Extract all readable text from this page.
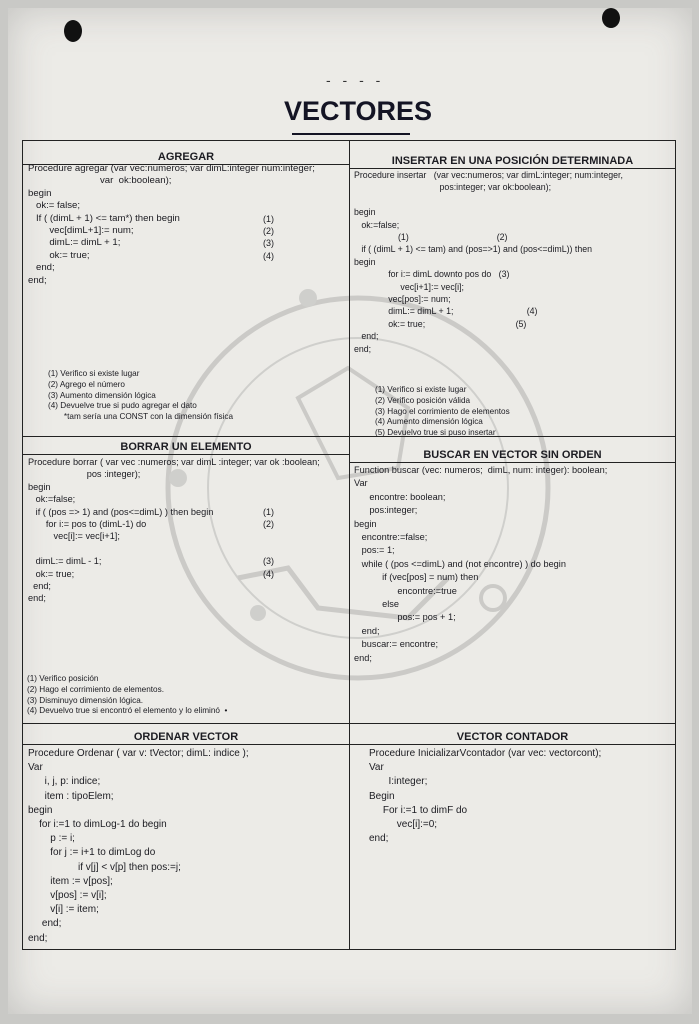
- - - -
VECTORES
AGREGAR
Procedure agregar (var vec:numeros; var dimL:integer num:integer;
var  ok:boolean);
begin
ok:= false;
If ( (dimL + 1) <= tam*) then begin
vec[dimL+1]:= num;
dimL:= dimL + 1;
ok:= true;
end;
end;

(1)
(2)
(3)
(4)
(1) Verifico si existe lugar
(2) Agrego el número
(3) Aumento dimensión lógica
(4) Devuelve true si pudo agregar el dato
*tam sería una CONST con la dimensión física
INSERTAR EN UNA POSICIÓN DETERMINADA
Procedure insertar   (var vec:numeros; var dimL:integer; num:integer,
pos:integer; var ok:boolean);

begin
ok:=false;
(1)                                    (2)
if ( (dimL + 1) <= tam) and (pos=>1) and (pos<=dimL)) then
begin
for i:= dimL downto pos do   (3)
vec[i+1]:= vec[i];
vec[pos]:= num;
dimL:= dimL + 1;                              (4)
ok:= true;                                     (5)
end;
end;
(1) Verifico si existe lugar
(2) Verifico posición válida
(3) Hago el corrimiento de elementos
(4) Aumento dimensión lógica
(5) Devuelvo true si puso insertar
BORRAR UN ELEMENTO
Procedure borrar ( var vec :numeros; var dimL :integer; var ok :boolean;
pos :integer);
begin
ok:=false;
if ( (pos => 1) and (pos<=dimL) ) then begin
for i:= pos to (dimL-1) do
vec[i]:= vec[i+1];

dimL:= dimL - 1;
ok:= true;
end;
end;

(1)
(2)

(3)
(4)
(1) Verifico posición
(2) Hago el corrimiento de elementos.
(3) Disminuyo dimensión lógica.
(4) Devuelvo true si encontró el elemento y lo eliminó  •
BUSCAR EN VECTOR SIN ORDEN
Function buscar (vec: numeros;  dimL, num: integer): boolean;
Var
encontre: boolean;
pos:integer;
begin
encontre:=false;
pos:= 1;
while ( (pos <=dimL) and (not encontre) ) do begin
if (vec[pos] = num) then
encontre:=true
else
pos:= pos + 1;
end;
buscar:= encontre;
end;
ORDENAR VECTOR
Procedure Ordenar ( var v: tVector; dimL: indice );
Var
i, j, p: indice;
item : tipoElem;
begin
for i:=1 to dimLog-1 do begin
p := i;
for j := i+1 to dimLog do
if v[j] < v[p] then pos:=j;
item := v[pos];
v[pos] := v[i];
v[i] := item;
end;
end;
VECTOR CONTADOR
Procedure InicializarVcontador (var vec: vectorcont);
Var
I:integer;
Begin
For i:=1 to dimF do
vec[i]:=0;
end;
